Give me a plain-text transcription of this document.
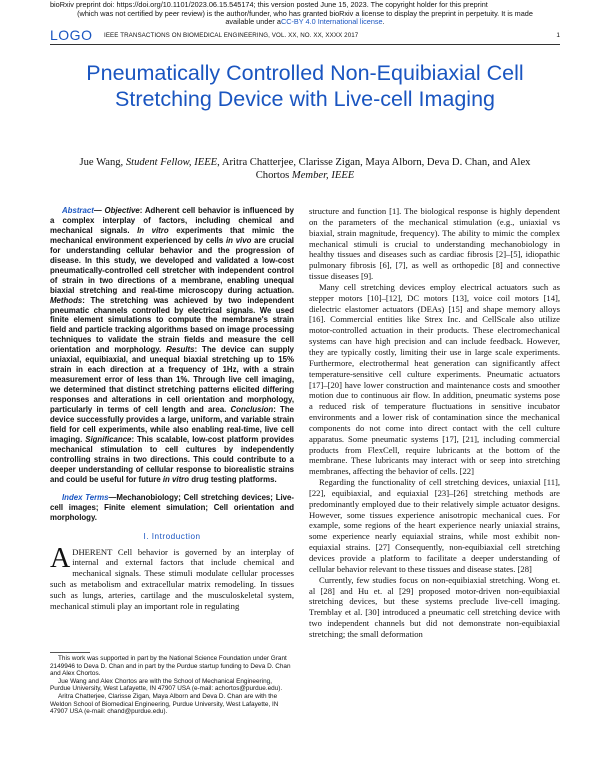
bioRxiv preprint doi: https://doi.org/10.1101/2023.06.15.545174; this version posted June 15, 2023. The copyright holder for this preprint
(which was not certified by peer review) is the author/funder, who has granted bioRxiv a license to display the preprint in perpetuity. It is made
available under aCC-BY 4.0 International license.
LOGO IEEE TRANSACTIONS ON BIOMEDICAL ENGINEERING, VOL. XX, NO. XX, XXXX 2017	1
Pneumatically Controlled Non-Equibiaxial Cell
Stretching Device with Live-cell Imaging
Jue Wang, Student Fellow, IEEE, Aritra Chatterjee, Clarisse Zigan, Maya Alborn, Deva D. Chan, and Alex
Chortos Member, IEEE
Abstract— Objective: Adherent cell behavior is influenced by a complex interplay of factors, including chemical and mechanical signals. In vitro experiments that mimic the mechanical environment experienced by cells in vivo are crucial for understanding cellular behavior and the progression of disease. In this study, we developed and validated a low-cost pneumatically-controlled cell stretcher with independent control of strain in two directions of a membrane, enabling unequal biaxial stretching and real-time microscopy during actuation. Methods: The stretching was achieved by two independent pneumatic channels controlled by electrical signals. We used finite element simulations to compute the membrane's strain field and particle tracking algorithms based on image processing techniques to validate the strain fields and measure the cell orientation and morphology. Results: The device can supply uniaxial, equibiaxial, and unequal biaxial stretching up to 15% strain in each direction at a frequency of 1Hz, with a strain measurement error of less than 1%. Through live cell imaging, we determined that distinct stretching patterns elicited differing responses and alterations in cell orientation and morphology, particularly in terms of cell length and area. Conclusion: The device successfully provides a large, uniform, and variable strain field for cell experiments, while also enabling real-time, live cell imaging. Significance: This scalable, low-cost platform provides mechanical stimulation to cell cultures by independently controlling strains in two directions. This could contribute to a deeper understanding of cellular response to biorealistic strains and could be useful for future in vitro drug testing platforms.
Index Terms—Mechanobiology; Cell stretching devices; Live-cell images; Finite element simulation; Cell orientation and morphology.
I. Introduction

ADHERENT Cell behavior is governed by an interplay of internal and external factors that include chemical and mechanical signals. These stimuli modulate cellular processes such as metabolism and extracellular matrix remodeling. In tissues such as lungs, arteries, cartilage and the musculoskeletal system, mechanical stimuli play an important role in regulating

This work was supported in part by the National Science Foundation under Grant 2149946 to Deva D. Chan and in part by the Purdue startup funding to Deva D. Chan and Alex Chortos.

Jue Wang and Alex Chortos are with the School of Mechanical Engineering, Purdue University, West Lafayette, IN 47907 USA (e-mail: achortos@purdue.edu).

Aritra Chatterjee, Clarisse Zigan, Maya Alborn and Deva D. Chan are with the Weldon School of Biomedical Engineering, Purdue University, West Lafayette, IN 47907 USA (e-mail: chand@purdue.edu).

structure and function [1]. The biological response is highly dependent on the parameters of the mechanical stimulation (e.g., uniaxial vs biaxial, strain magnitude, frequency). The ability to mimic the complex mechanical stimuli is crucial to understanding mechanobiology in healthy tissues and diseases such as cardiac fibrosis [2]–[5], idiopathic pulmonary fibrosis [6], [7], as well as orthopedic [8] and connective tissue diseases [9].

Many cell stretching devices employ electrical actuators such as stepper motors [10]–[12], DC motors [13], voice coil motors [14], dielectric elastomer actuators (DEAs) [15] and shape memory alloys [16]. Commercial entities like Strex Inc. and CellScale also utilize motor-controlled actuation in their products. These electromechanical systems can have high precision and can include feedback. However, they are typically costly, limiting their use in large scale experiments. Furthermore, electrothermal heat generation can significantly affect temperature-sensitive cell culture experiments. Pneumatic actuators [17]–[20] have lower construction and maintenance costs and smoother motion due to continuous air flow. In addition, pneumatic systems pose a reduced risk of temperature fluctuations in sensitive incubator environments and a lower risk of contamination since the mechanical components do not come into direct contact with the cell culture apparatus. Some pneumatic systems [17], [21], including commercial products from FlexCell, require lubricants at the bottom of the membrane. These lubricants may interact with or seep into stretching membranes, affecting the behavior of cells. [22]

Regarding the functionality of cell stretching devices, uniaxial [11], [22], equibiaxial, and equiaxial [23]–[26] stretching methods are predominantly employed due to their relatively simple actuator designs. However, some tissues experience anisotropic mechanical cues. For example, some regions of the heart experience nearly uniaxial strains, some experience nearly equiaxial strains, while most exhibit non-equiaxial strains. [27] Consequently, non-equibiaxial cell stretching devices provide a platform to facilitate a deeper understanding of cellular behavior relevant to these tissues and disease states. [28]

Currently, few studies focus on non-equibiaxial stretching. Wong et. al [28] and Hu et. al [29] proposed motor-driven non-equibiaxial stretching devices, but these systems preclude live-cell imaging. Tremblay et al. [30] introduced a pneumatic cell stretching device with two independent channels but did not demonstrate non-equibiaxial stretching; the small deformation
